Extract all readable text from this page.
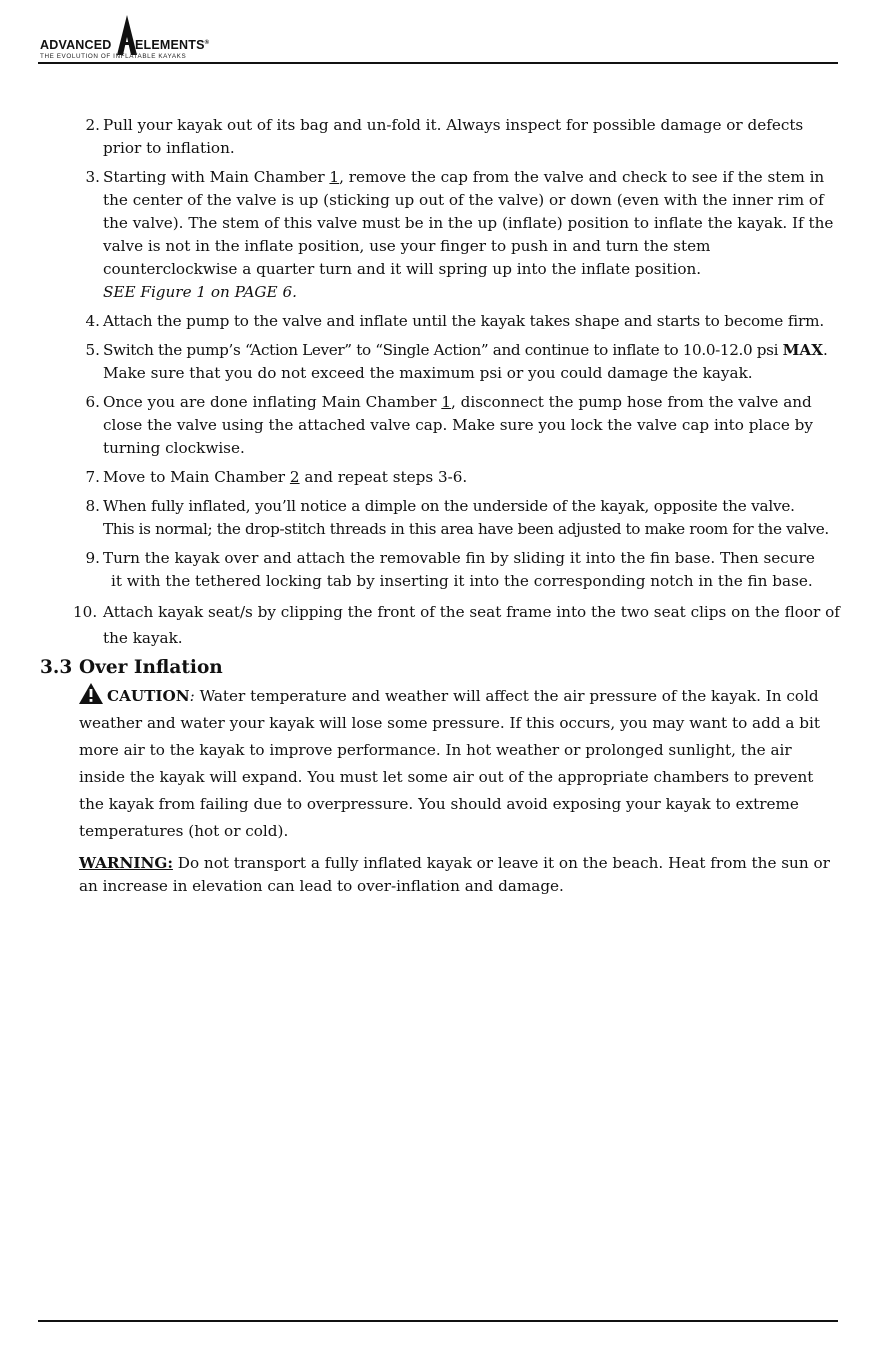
ADVANCED ELEMENTS®
THE EVOLUTION OF INFLATABLE KAYAKS
2. Pull your kayak out of its bag and un-fold it. Always inspect for possible damage or defects prior to inflation.
3. Starting with Main Chamber 1, remove the cap from the valve and check to see if the stem in the center of the valve is up (sticking up out of the valve) or down (even with the inner rim of the valve). The stem of this valve must be in the up (inflate) position to inflate the kayak. If the valve is not in the inflate position, use your finger to push in and turn the stem counterclockwise a quarter turn and it will spring up into the inflate position.
SEE Figure 1 on PAGE 6.
4. Attach the pump to the valve and inflate until the kayak takes shape and starts to become firm.
5. Switch the pump’s “Action Lever” to “Single Action” and continue to inflate to 10.0-12.0 psi MAX.
Make sure that you do not exceed the maximum psi or you could damage the kayak.
6. Once you are done inflating Main Chamber 1, disconnect the pump hose from the valve and close the valve using the attached valve cap. Make sure you lock the valve cap into place by turning clockwise.
7. Move to Main Chamber 2 and repeat steps 3-6.
8. When fully inflated, you’ll notice a dimple on the underside of the kayak, opposite the valve.
This is normal; the drop-stitch threads in this area have been adjusted to make room for the valve.
9. Turn the kayak over and attach the removable fin by sliding it into the fin base. Then secure
it with the tethered locking tab by inserting it into the corresponding notch in the fin base.
10. Attach kayak seat/s by clipping the front of the seat frame into the two seat clips on the floor of the kayak.
3.3 Over Inflation
CAUTION: Water temperature and weather will affect the air pressure of the kayak. In cold weather and water your kayak will lose some pressure. If this occurs, you may want to add a bit more air to the kayak to improve performance. In hot weather or prolonged sunlight, the air inside the kayak will expand. You must let some air out of the appropriate chambers to prevent the kayak from failing due to overpressure. You should avoid exposing your kayak to extreme temperatures (hot or cold).
WARNING: Do not transport a fully inflated kayak or leave it on the beach. Heat from the sun or an increase in elevation can lead to over-inflation and damage.
